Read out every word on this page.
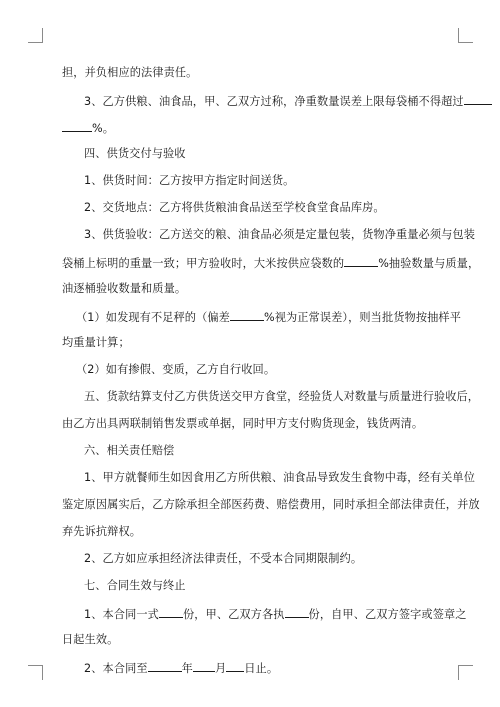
担，并负相应的法律责任。
3、乙方供粮、油食品，甲、乙双方过称，净重数量误差上限每袋桶不得超过
%。
四、供货交付与验收
1、供货时间：乙方按甲方指定时间送货。
2、交货地点：乙方将供货粮油食品送至学校食堂食品库房。
3、供货验收：乙方送交的粮、油食品必须是定量包装，货物净重量必须与包装
袋桶上标明的重量一致；甲方验收时，大米按供应袋数的	%抽验数量与质量，
油逐桶验收数量和质量。
（1）如发现有不足秤的（偏差	%视为正常误差），则当批货物按抽样平
均重量计算；
（2）如有掺假、变质，乙方自行收回。
五、货款结算支付乙方供货送交甲方食堂，经验货人对数量与质量进行验收后，
由乙方出具两联制销售发票或单据，同时甲方支付购货现金，钱货两清。
六、相关责任赔偿
1、甲方就餐师生如因食用乙方所供粮、油食品导致发生食物中毒，经有关单位
鉴定原因属实后，乙方除承担全部医药费、赔偿费用，同时承担全部法律责任，并放
弃先诉抗辩权。
2、乙方如应承担经济法律责任，不受本合同期限制约。
七、合同生效与终止
1、本合同一式 份，甲、乙双方各执 份，自甲、乙双方签字或签章之
日起生效。
2、本合同至	年 月 日止。
